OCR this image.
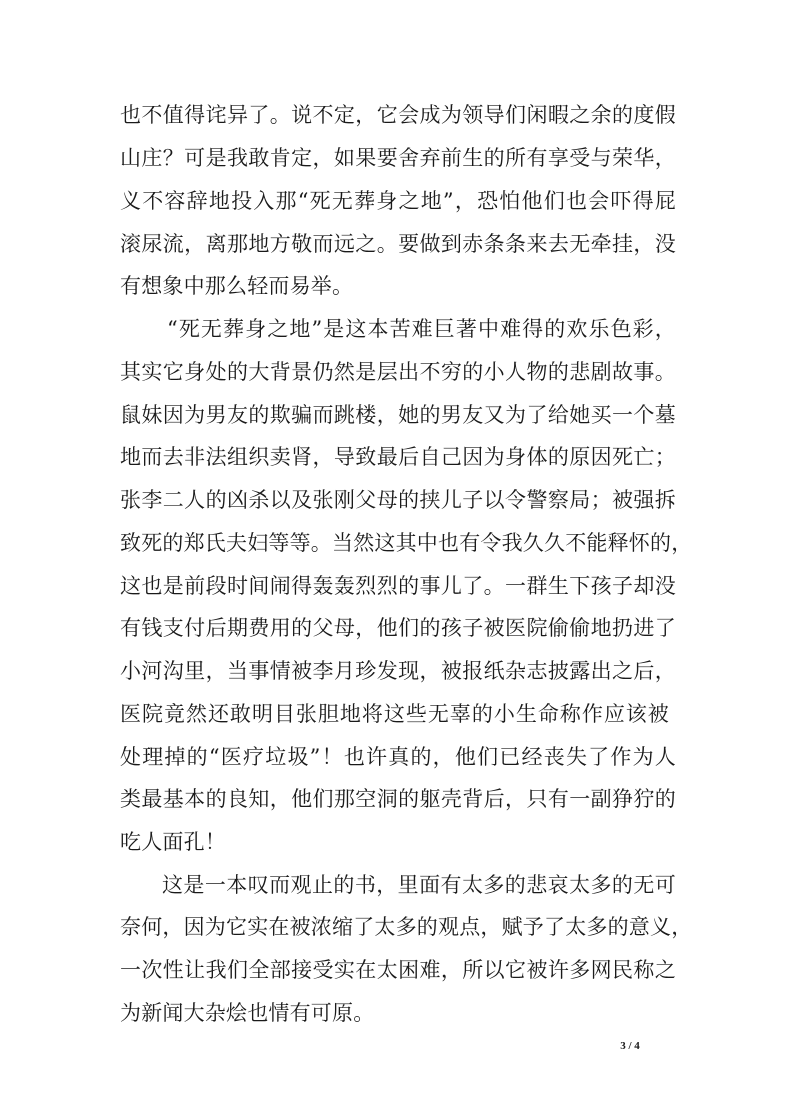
也不值得诧异了。说不定，它会成为领导们闲暇之余的度假
山庄？可是我敢肯定，如果要舍弃前生的所有享受与荣华，
义不容辞地投入那“死无葬身之地”，恐怕他们也会吓得屁
滚尿流，离那地方敬而远之。要做到赤条条来去无牵挂，没
有想象中那么轻而易举。
“死无葬身之地”是这本苦难巨著中难得的欢乐色彩，
其实它身处的大背景仍然是层出不穷的小人物的悲剧故事。
鼠妹因为男友的欺骗而跳楼，她的男友又为了给她买一个墓
地而去非法组织卖肾，导致最后自己因为身体的原因死亡；
张李二人的凶杀以及张刚父母的挟儿子以令警察局；被强拆
致死的郑氏夫妇等等。当然这其中也有令我久久不能释怀的，
这也是前段时间闹得轰轰烈烈的事儿了。一群生下孩子却没
有钱支付后期费用的父母，他们的孩子被医院偷偷地扔进了
小河沟里，当事情被李月珍发现，被报纸杂志披露出之后，
医院竟然还敢明目张胆地将这些无辜的小生命称作应该被
处理掉的“医疗垃圾”！也许真的，他们已经丧失了作为人
类最基本的良知，他们那空洞的躯壳背后，只有一副狰狞的
吃人面孔！
这是一本叹而观止的书，里面有太多的悲哀太多的无可
奈何，因为它实在被浓缩了太多的观点，赋予了太多的意义，
一次性让我们全部接受实在太困难，所以它被许多网民称之
为新闻大杂烩也情有可原。
3 / 4
